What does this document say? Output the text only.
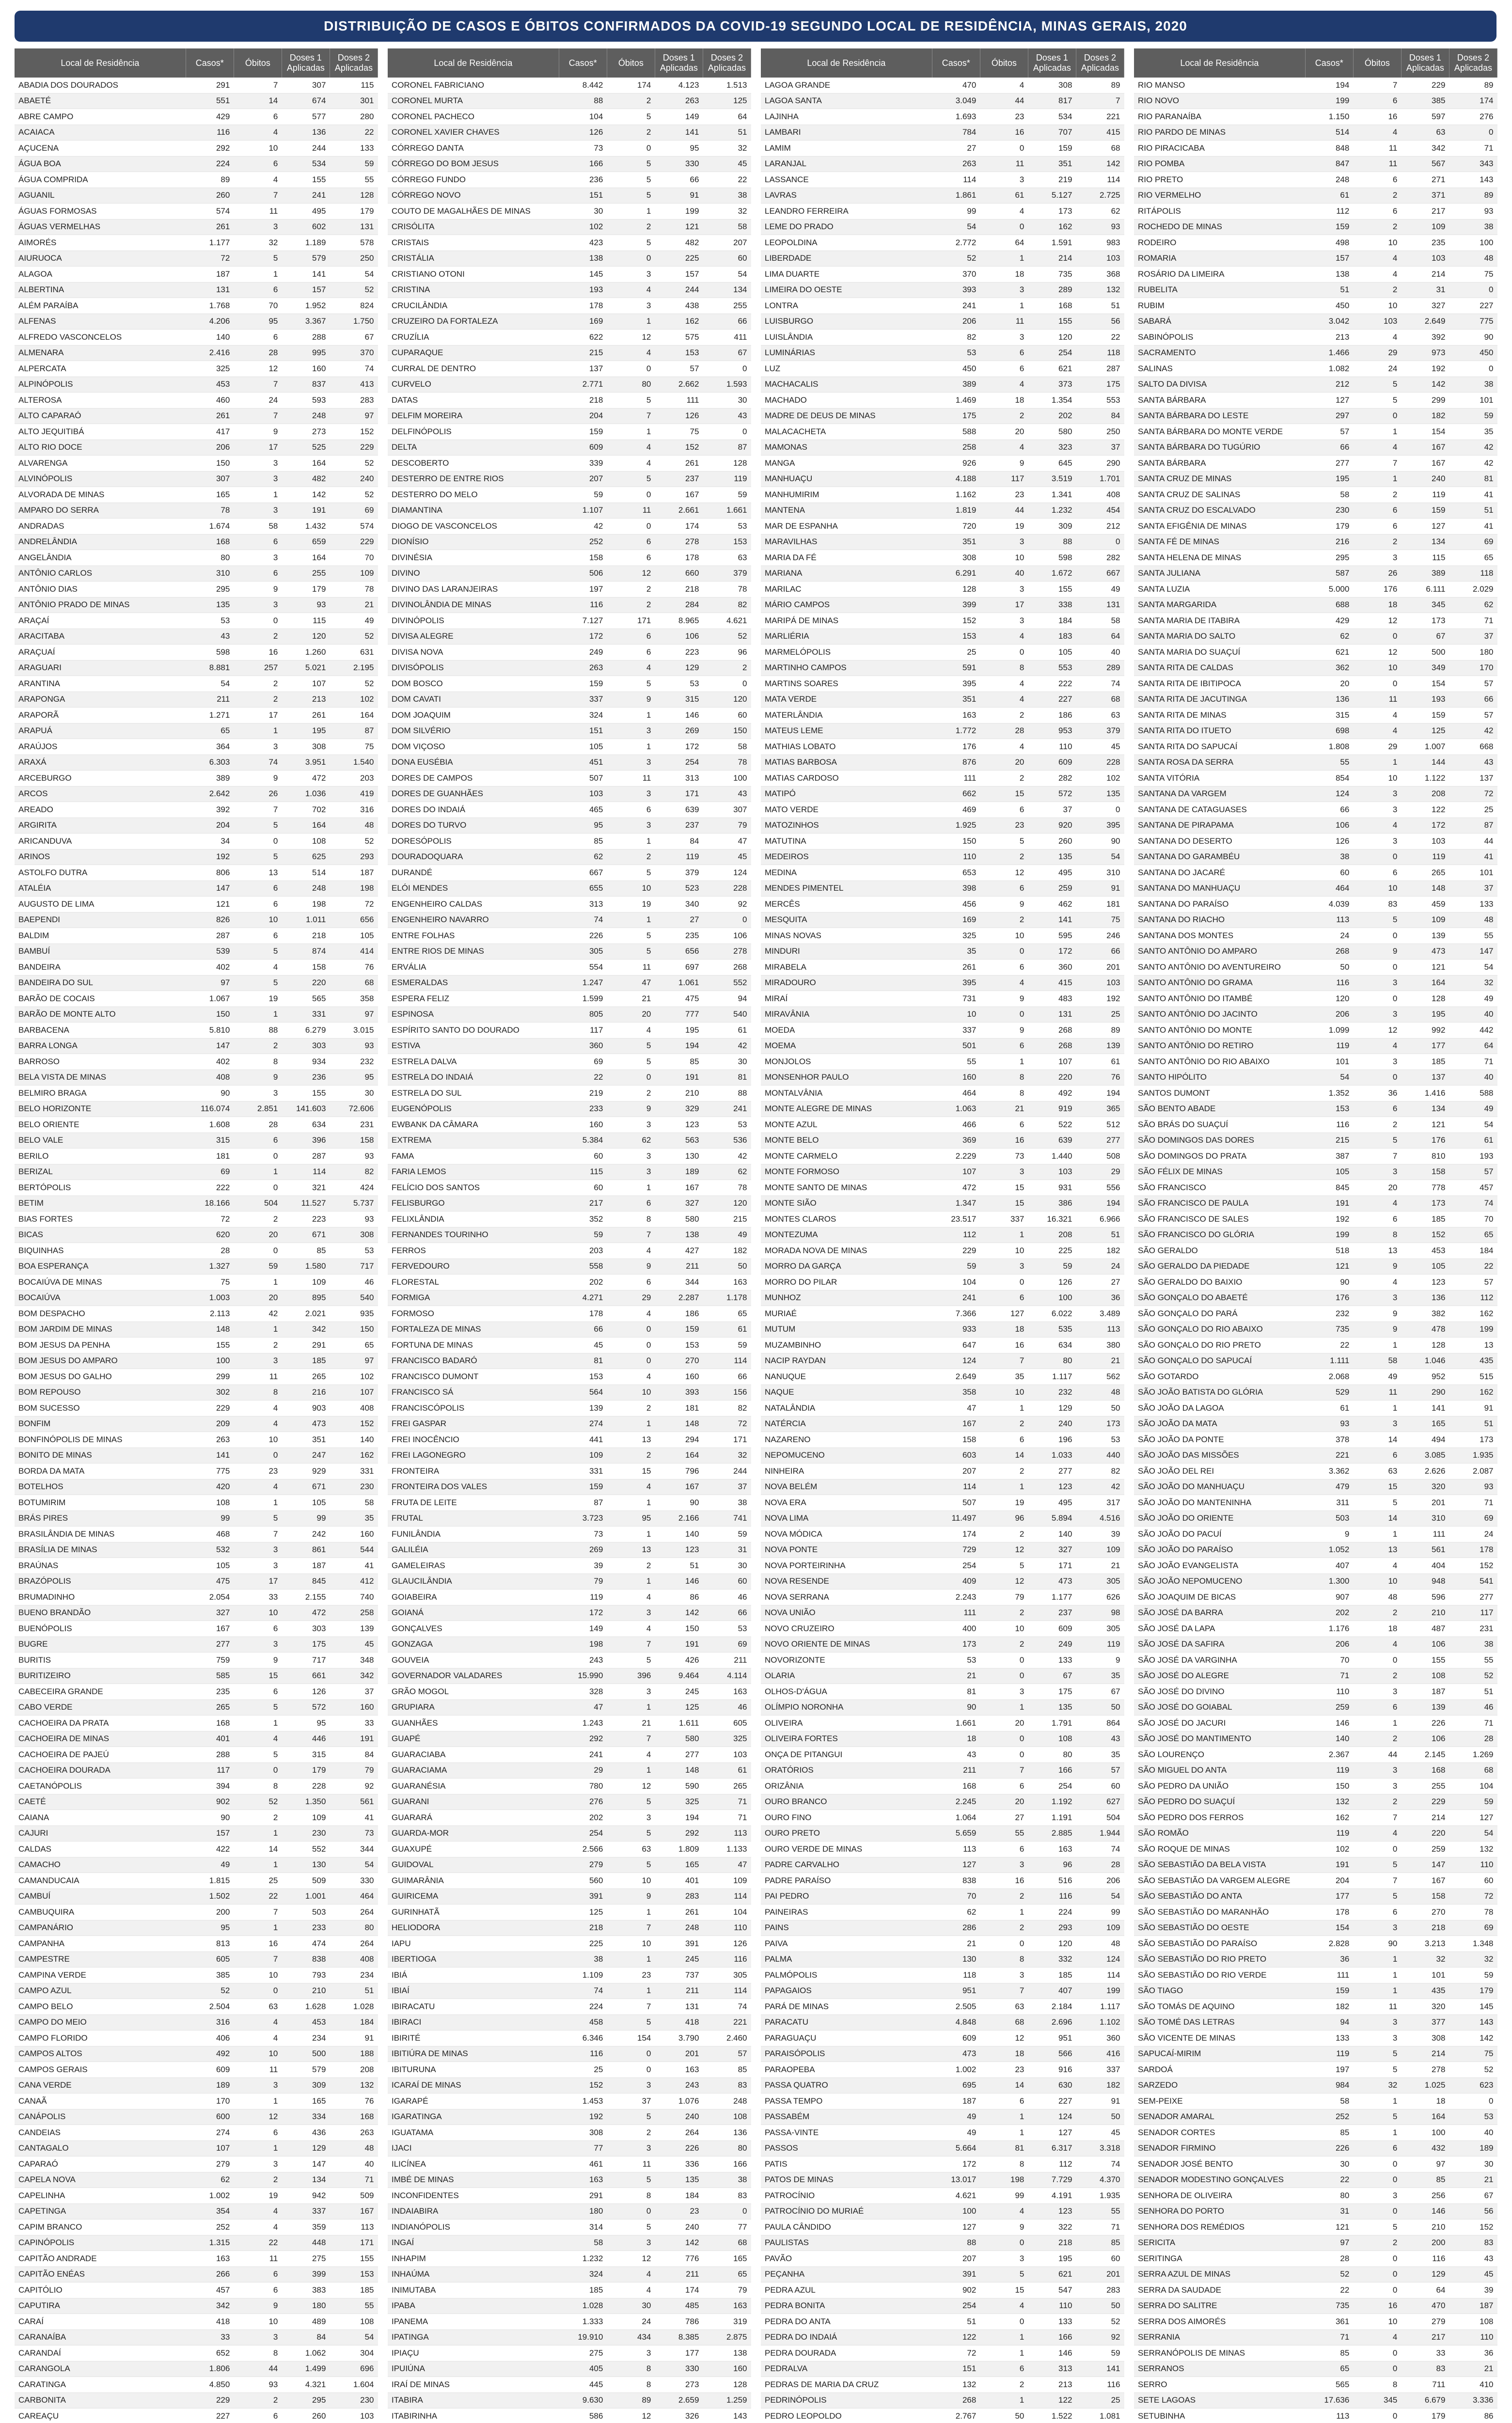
DISTRIBUIÇÃO DE CASOS E ÓBITOS CONFIRMADOS DA COVID-19 SEGUNDO LOCAL DE RESIDÊNCIA, MINAS GERAIS, 2020
Local de Residência	Casos*	Óbitos	Doses 1 Aplicadas	Doses 2 Aplicadas
ABADIA DOS DOURADOS	291	7	307	115
ABAETÉ	551	14	674	301
ABRE CAMPO	429	6	577	280
ACAIACA	116	4	136	22
AÇUCENA	292	10	244	133
ÁGUA BOA	224	6	534	59
ÁGUA COMPRIDA	89	4	155	55
AGUANIL	260	7	241	128
ÁGUAS FORMOSAS	574	11	495	179
ÁGUAS VERMELHAS	261	3	602	131
AIMORÉS	1.177	32	1.189	578
AIURUOCA	72	5	579	250
ALAGOA	187	1	141	54
ALBERTINA	131	6	157	52
ALÉM PARAÍBA	1.768	70	1.952	824
ALFENAS	4.206	95	3.367	1.750
ALFREDO VASCONCELOS	140	6	288	67
ALMENARA	2.416	28	995	370
ALPERCATA	325	12	160	74
ALPINÓPOLIS	453	7	837	413
ALTEROSA	460	24	593	283
ALTO CAPARAÓ	261	7	248	97
ALTO JEQUITIBÁ	417	9	273	152
ALTO RIO DOCE	206	17	525	229
ALVARENGA	150	3	164	52
ALVINÓPOLIS	307	3	482	240
ALVORADA DE MINAS	165	1	142	52
AMPARO DO SERRA	78	3	191	69
ANDRADAS	1.674	58	1.432	574
ANDRELÂNDIA	168	6	659	229
ANGELÂNDIA	80	3	164	70
ANTÔNIO CARLOS	310	6	255	109
ANTÔNIO DIAS	295	9	179	78
ANTÔNIO PRADO DE MINAS	135	3	93	21
ARAÇAÍ	53	0	115	49
ARACITABA	43	2	120	52
ARAÇUAÍ	598	16	1.260	631
ARAGUARI	8.881	257	5.021	2.195
ARANTINA	54	2	107	52
ARAPONGA	211	2	213	102
ARAPORÃ	1.271	17	261	164
ARAPUÁ	65	1	195	87
ARAÚJOS	364	3	308	75
ARAXÁ	6.303	74	3.951	1.540
ARCEBURGO	389	9	472	203
ARCOS	2.642	26	1.036	419
AREADO	392	7	702	316
ARGIRITA	204	5	164	48
ARICANDUVA	34	0	108	52
ARINOS	192	5	625	293
ASTOLFO DUTRA	806	13	514	187
ATALÉIA	147	6	248	198
AUGUSTO DE LIMA	121	6	198	72
BAEPENDI	826	10	1.011	656
BALDIM	287	6	218	105
BAMBUÍ	539	5	874	414
BANDEIRA	402	4	158	76
BANDEIRA DO SUL	97	5	220	68
BARÃO DE COCAIS	1.067	19	565	358
BARÃO DE MONTE ALTO	150	1	331	97
BARBACENA	5.810	88	6.279	3.015
BARRA LONGA	147	2	303	93
BARROSO	402	8	934	232
BELA VISTA DE MINAS	408	9	236	95
BELMIRO BRAGA	90	3	155	30
BELO HORIZONTE	116.074	2.851	141.603	72.606
BELO ORIENTE	1.608	28	634	231
BELO VALE	315	6	396	158
BERILO	181	0	287	93
BERIZAL	69	1	114	82
BERTÓPOLIS	222	0	321	424
BETIM	18.166	504	11.527	5.737
BIAS FORTES	72	2	223	93
BICAS	620	20	671	308
BIQUINHAS	28	0	85	53
BOA ESPERANÇA	1.327	59	1.580	717
BOCAIÚVA DE MINAS	75	1	109	46
BOCAIÚVA	1.003	20	895	540
BOM DESPACHO	2.113	42	2.021	935
BOM JARDIM DE MINAS	148	1	342	150
BOM JESUS DA PENHA	155	2	291	65
BOM JESUS DO AMPARO	100	3	185	97
BOM JESUS DO GALHO	299	11	265	102
BOM REPOUSO	302	8	216	107
BOM SUCESSO	229	4	903	408
BONFIM	209	4	473	152
BONFINÓPOLIS DE MINAS	263	10	351	140
BONITO DE MINAS	141	0	247	162
BORDA DA MATA	775	23	929	331
BOTELHOS	420	4	671	230
BOTUMIRIM	108	1	105	58
BRÁS PIRES	99	5	99	35
BRASILÂNDIA DE MINAS	468	7	242	160
BRASÍLIA DE MINAS	532	3	861	544
BRAÚNAS	105	3	187	41
BRAZÓPOLIS	475	17	845	412
BRUMADINHO	2.054	33	2.155	740
BUENO BRANDÃO	327	10	472	258
BUENÓPOLIS	167	6	303	139
BUGRE	277	3	175	45
BURITIS	759	9	717	348
BURITIZEIRO	585	15	661	342
CABECEIRA GRANDE	235	6	126	37
CABO VERDE	265	5	572	160
CACHOEIRA DA PRATA	168	1	95	33
CACHOEIRA DE MINAS	401	4	446	191
CACHOEIRA DE PAJEÚ	288	5	315	84
CACHOEIRA DOURADA	117	0	179	79
CAETANÓPOLIS	394	8	228	92
CAETÉ	902	52	1.350	561
CAIANA	90	2	109	41
CAJURI	157	1	230	73
CALDAS	422	14	552	344
CAMACHO	49	1	130	54
CAMANDUCAIA	1.815	25	509	330
CAMBUÍ	1.502	22	1.001	464
CAMBUQUIRA	200	7	503	264
CAMPANÁRIO	95	1	233	80
CAMPANHA	813	16	474	264
CAMPESTRE	605	7	838	408
CAMPINA VERDE	385	10	793	234
CAMPO AZUL	52	0	210	51
CAMPO BELO	2.504	63	1.628	1.028
CAMPO DO MEIO	316	4	453	184
CAMPO FLORIDO	406	4	234	91
CAMPOS ALTOS	492	10	500	188
CAMPOS GERAIS	609	11	579	208
CANA VERDE	189	3	309	132
CANAÃ	170	1	165	76
CANÁPOLIS	600	12	334	168
CANDEIAS	274	6	436	263
CANTAGALO	107	1	129	48
CAPARAÓ	279	3	147	40
CAPELA NOVA	62	2	134	71
CAPELINHA	1.002	19	942	509
CAPETINGA	354	4	337	167
CAPIM BRANCO	252	4	359	113
CAPINÓPOLIS	1.315	22	448	171
CAPITÃO ANDRADE	163	11	275	155
CAPITÃO ENÉAS	266	6	399	153
CAPITÓLIO	457	6	383	185
CAPUTIRA	342	9	180	55
CARAÍ	418	10	489	108
CARANAÍBA	33	3	84	54
CARANDAÍ	652	8	1.062	304
CARANGOLA	1.806	44	1.499	696
CARATINGA	4.850	93	4.321	1.604
CARBONITA	229	2	295	230
CAREAÇU	227	6	260	103

Local de Residência	Casos*	Óbitos	Doses 1 Aplicadas	Doses 2 Aplicadas
CORONEL FABRICIANO	8.442	174	4.123	1.513
CORONEL MURTA	88	2	263	125
CORONEL PACHECO	104	5	149	64
CORONEL XAVIER CHAVES	126	2	141	51
CÓRREGO DANTA	73	0	95	32
CÓRREGO DO BOM JESUS	166	5	330	45
CÓRREGO FUNDO	236	5	66	22
CÓRREGO NOVO	151	5	91	38
COUTO DE MAGALHÃES DE MINAS	30	1	199	32
CRISÓLITA	102	2	121	58
CRISTAIS	423	5	482	207
CRISTÁLIA	138	0	225	60
CRISTIANO OTONI	145	3	157	54
CRISTINA	193	4	244	134
CRUCILÂNDIA	178	3	438	255
CRUZEIRO DA FORTALEZA	169	1	162	66
CRUZÍLIA	622	12	575	411
CUPARAQUE	215	4	153	67
CURRAL DE DENTRO	137	0	57	0
CURVELO	2.771	80	2.662	1.593
DATAS	218	5	111	30
DELFIM MOREIRA	204	7	126	43
DELFINÓPOLIS	159	1	75	0
DELTA	609	4	152	87
DESCOBERTO	339	4	261	128
DESTERRO DE ENTRE RIOS	207	5	237	119
DESTERRO DO MELO	59	0	167	59
DIAMANTINA	1.107	11	2.661	1.661
DIOGO DE VASCONCELOS	42	0	174	53
DIONÍSIO	252	6	278	153
DIVINÉSIA	158	6	178	63
DIVINO	506	12	660	379
DIVINO DAS LARANJEIRAS	197	2	218	78
DIVINOLÂNDIA DE MINAS	116	2	284	82
DIVINÓPOLIS	7.127	171	8.965	4.621
DIVISA ALEGRE	172	6	106	52
DIVISA NOVA	249	6	223	96
DIVISÓPOLIS	263	4	129	2
DOM BOSCO	159	5	53	0
DOM CAVATI	337	9	315	120
DOM JOAQUIM	324	1	146	60
DOM SILVÉRIO	151	3	269	150
DOM VIÇOSO	105	1	172	58
DONA EUSÉBIA	451	3	254	78
DORES DE CAMPOS	507	11	313	100
DORES DE GUANHÃES	103	3	171	43
DORES DO INDAIÁ	465	6	639	307
DORES DO TURVO	95	3	237	79
DORESÓPOLIS	85	1	84	47
DOURADOQUARA	62	2	119	45
DURANDÉ	667	5	379	124
ELÓI MENDES	655	10	523	228
ENGENHEIRO CALDAS	313	19	340	92
ENGENHEIRO NAVARRO	74	1	27	0
ENTRE FOLHAS	226	5	235	106
ENTRE RIOS DE MINAS	305	5	656	278
ERVÁLIA	554	11	697	268
ESMERALDAS	1.247	47	1.061	552
ESPERA FELIZ	1.599	21	475	94
ESPINOSA	805	20	777	540
ESPÍRITO SANTO DO DOURADO	117	4	195	61
ESTIVA	360	5	194	42
ESTRELA DALVA	69	5	85	30
ESTRELA DO INDAIÁ	22	0	191	81
ESTRELA DO SUL	219	2	210	88
EUGENÓPOLIS	233	9	329	241
EWBANK DA CÂMARA	160	3	123	53
EXTREMA	5.384	62	563	536
FAMA	60	3	130	42
FARIA LEMOS	115	3	189	62
FELÍCIO DOS SANTOS	60	1	167	78
FELISBURGO	217	6	327	120
FELIXLÂNDIA	352	8	580	215
FERNANDES TOURINHO	59	7	138	49
FERROS	203	4	427	182
FERVEDOURO	558	9	211	50
FLORESTAL	202	6	344	163
FORMIGA	4.271	29	2.287	1.178
FORMOSO	178	4	186	65
FORTALEZA DE MINAS	66	0	159	61
FORTUNA DE MINAS	45	0	153	59
FRANCISCO BADARÓ	81	0	270	114
FRANCISCO DUMONT	153	4	160	66
FRANCISCO SÁ	564	10	393	156
FRANCISCÓPOLIS	139	2	181	82
FREI GASPAR	274	1	148	72
FREI INOCÊNCIO	441	13	294	171
FREI LAGONEGRO	109	2	164	32
FRONTEIRA	331	15	796	244
FRONTEIRA DOS VALES	159	4	167	37
FRUTA DE LEITE	87	1	90	38
FRUTAL	3.723	95	2.166	741
FUNILÂNDIA	73	1	140	59
GALILÉIA	269	13	123	31
GAMELEIRAS	39	2	51	30
GLAUCILÂNDIA	79	1	146	60
GOIABEIRA	119	4	86	46
GOIANÁ	172	3	142	66
GONÇALVES	149	4	150	53
GONZAGA	198	7	191	69
GOUVEIA	243	5	426	211
GOVERNADOR VALADARES	15.990	396	9.464	4.114
GRÃO MOGOL	328	3	245	163
GRUPIARA	47	1	125	46
GUANHÃES	1.243	21	1.611	605
GUAPÉ	292	7	580	325
GUARACIABA	241	4	277	103
GUARACIAMA	29	1	148	61
GUARANÉSIA	780	12	590	265
GUARANI	276	5	325	71
GUARARÁ	202	3	194	71
GUARDA-MOR	254	5	292	113
GUAXUPÉ	2.566	63	1.809	1.133
GUIDOVAL	279	5	165	47
GUIMARÂNIA	560	10	401	109
GUIRICEMA	391	9	283	114
GURINHATÃ	125	1	261	104
HELIODORA	218	7	248	110
IAPU	225	10	391	126
IBERTIOGA	38	1	245	116
IBIÁ	1.109	23	737	305
IBIAÍ	74	1	211	114
IBIRACATU	224	7	131	74
IBIRACI	458	5	418	221
IBIRITÉ	6.346	154	3.790	2.460
IBITIÚRA DE MINAS	116	0	201	57
IBITURUNA	25	0	163	85
ICARAÍ DE MINAS	152	3	243	83
IGARAPÉ	1.453	37	1.076	248
IGARATINGA	192	5	240	108
IGUATAMA	308	2	264	136
IJACI	77	3	226	80
ILICÍNEA	461	11	336	166
IMBÉ DE MINAS	163	5	135	38
INCONFIDENTES	291	8	184	83
INDAIABIRA	180	0	23	0
INDIANÓPOLIS	314	5	240	77
INGAÍ	58	3	142	68
INHAPIM	1.232	12	776	165
INHAÚMA	324	4	211	65
INIMUTABA	185	4	174	79
IPABA	1.028	30	485	163
IPANEMA	1.333	24	786	319
IPATINGA	19.910	434	8.385	2.875
IPIAÇU	275	3	177	138
IPUIÚNA	405	8	330	160
IRAÍ DE MINAS	445	8	273	128
ITABIRA	9.630	89	2.659	1.259
ITABIRINHA	586	12	326	143

Local de Residência	Casos*	Óbitos	Doses 1 Aplicadas	Doses 2 Aplicadas
LAGOA GRANDE	470	4	308	89
LAGOA SANTA	3.049	44	817	7
LAJINHA	1.693	23	534	221
LAMBARI	784	16	707	415
LAMIM	27	0	159	68
LARANJAL	263	11	351	142
LASSANCE	114	3	219	114
LAVRAS	1.861	61	5.127	2.725
LEANDRO FERREIRA	99	4	173	62
LEME DO PRADO	54	0	162	93
LEOPOLDINA	2.772	64	1.591	983
LIBERDADE	52	1	214	103
LIMA DUARTE	370	18	735	368
LIMEIRA DO OESTE	393	3	289	132
LONTRA	241	1	168	51
LUISBURGO	206	11	155	56
LUISLÂNDIA	82	3	120	22
LUMINÁRIAS	53	6	254	118
LUZ	450	6	621	287
MACHACALIS	389	4	373	175
MACHADO	1.469	18	1.354	553
MADRE DE DEUS DE MINAS	175	2	202	84
MALACACHETA	588	20	580	250
MAMONAS	258	4	323	37
MANGA	926	9	645	290
MANHUAÇU	4.188	117	3.519	1.701
MANHUMIRIM	1.162	23	1.341	408
MANTENA	1.819	44	1.232	454
MAR DE ESPANHA	720	19	309	212
MARAVILHAS	351	3	88	0
MARIA DA FÉ	308	10	598	282
MARIANA	6.291	40	1.672	667
MARILAC	128	3	155	49
MÁRIO CAMPOS	399	17	338	131
MARIPÁ DE MINAS	152	3	184	58
MARLIÉRIA	153	4	183	64
MARMELÓPOLIS	25	0	105	40
MARTINHO CAMPOS	591	8	553	289
MARTINS SOARES	395	4	222	74
MATA VERDE	351	4	227	68
MATERLÂNDIA	163	2	186	63
MATEUS LEME	1.772	28	953	379
MATHIAS LOBATO	176	4	110	45
MATIAS BARBOSA	876	20	609	228
MATIAS CARDOSO	111	2	282	102
MATIPÓ	662	15	572	135
MATO VERDE	469	6	37	0
MATOZINHOS	1.925	23	920	395
MATUTINA	150	5	260	90
MEDEIROS	110	2	135	54
MEDINA	653	12	495	310
MENDES PIMENTEL	398	6	259	91
MERCÊS	456	9	462	181
MESQUITA	169	2	141	75
MINAS NOVAS	325	10	595	246
MINDURI	35	0	172	66
MIRABELA	261	6	360	201
MIRADOURO	395	4	415	103
MIRAÍ	731	9	483	192
MIRAVÂNIA	10	0	131	25
MOEDA	337	9	268	89
MOEMA	501	6	268	139
MONJOLOS	55	1	107	61
MONSENHOR PAULO	160	8	220	76
MONTALVÂNIA	464	8	492	194
MONTE ALEGRE DE MINAS	1.063	21	919	365
MONTE AZUL	466	6	522	512
MONTE BELO	369	16	639	277
MONTE CARMELO	2.229	73	1.440	508
MONTE FORMOSO	107	3	103	29
MONTE SANTO DE MINAS	472	15	931	556
MONTE SIÃO	1.347	15	386	194
MONTES CLAROS	23.517	337	16.321	6.966
MONTEZUMA	112	1	208	51
MORADA NOVA DE MINAS	229	10	225	182
MORRO DA GARÇA	59	3	59	24
MORRO DO PILAR	104	0	126	27
MUNHOZ	241	6	100	36
MURIAÉ	7.366	127	6.022	3.489
MUTUM	933	18	535	113
MUZAMBINHO	647	16	634	380
NACIP RAYDAN	124	7	80	21
NANUQUE	2.649	35	1.117	562
NAQUE	358	10	232	48
NATALÂNDIA	47	1	129	50
NATÉRCIA	167	2	240	173
NAZARENO	158	6	196	53
NEPOMUCENO	603	14	1.033	440
NINHEIRA	207	2	277	82
NOVA BELÉM	114	1	123	42
NOVA ERA	507	19	495	317
NOVA LIMA	11.497	96	5.894	4.516
NOVA MÓDICA	174	2	140	39
NOVA PONTE	729	12	327	109
NOVA PORTEIRINHA	254	5	171	21
NOVA RESENDE	409	12	473	305
NOVA SERRANA	2.243	79	1.177	626
NOVA UNIÃO	111	2	237	98
NOVO CRUZEIRO	400	10	609	305
NOVO ORIENTE DE MINAS	173	2	249	119
NOVORIZONTE	53	0	133	9
OLARIA	21	0	67	35
OLHOS-D'ÁGUA	81	3	175	67
OLÍMPIO NORONHA	90	1	135	50
OLIVEIRA	1.661	20	1.791	864
OLIVEIRA FORTES	18	0	108	43
ONÇA DE PITANGUI	43	0	80	35
ORATÓRIOS	211	7	166	57
ORIZÂNIA	168	6	254	60
OURO BRANCO	2.245	20	1.192	627
OURO FINO	1.064	27	1.191	504
OURO PRETO	5.659	55	2.885	1.944
OURO VERDE DE MINAS	113	6	163	74
PADRE CARVALHO	127	3	96	28
PADRE PARAÍSO	838	16	516	206
PAI PEDRO	70	2	116	54
PAINEIRAS	62	1	224	99
PAINS	286	2	293	109
PAIVA	21	0	120	48
PALMA	130	8	332	124
PALMÓPOLIS	118	3	185	114
PAPAGAIOS	951	7	407	199
PARÁ DE MINAS	2.505	63	2.184	1.117
PARACATU	4.848	68	2.696	1.102
PARAGUAÇU	609	12	951	360
PARAISÓPOLIS	473	18	566	416
PARAOPEBA	1.002	23	916	337
PASSA QUATRO	695	14	630	182
PASSA TEMPO	187	6	227	91
PASSABÉM	49	1	124	50
PASSA-VINTE	49	1	127	45
PASSOS	5.664	81	6.317	3.318
PATIS	172	8	112	74
PATOS DE MINAS	13.017	198	7.729	4.370
PATROCÍNIO	4.621	99	4.191	1.935
PATROCÍNIO DO MURIAÉ	100	4	123	55
PAULA CÂNDIDO	127	9	322	71
PAULISTAS	88	0	218	85
PAVÃO	207	3	195	60
PEÇANHA	391	5	621	201
PEDRA AZUL	902	15	547	283
PEDRA BONITA	254	4	110	50
PEDRA DO ANTA	51	0	133	52
PEDRA DO INDAIÁ	122	1	166	92
PEDRA DOURADA	72	1	146	59
PEDRALVA	151	6	313	141
PEDRAS DE MARIA DA CRUZ	132	2	213	116
PEDRINÓPOLIS	268	1	122	25
PEDRO LEOPOLDO	2.767	50	1.522	1.081

Local de Residência	Casos*	Óbitos	Doses 1 Aplicadas	Doses 2 Aplicadas
RIO MANSO	194	7	229	89
RIO NOVO	199	6	385	174
RIO PARANAÍBA	1.150	16	597	276
RIO PARDO DE MINAS	514	4	63	0
RIO PIRACICABA	848	11	342	71
RIO POMBA	847	11	567	343
RIO PRETO	248	6	271	143
RIO VERMELHO	61	2	371	89
RITÁPOLIS	112	6	217	93
ROCHEDO DE MINAS	159	2	109	38
RODEIRO	498	10	235	100
ROMARIA	157	4	103	48
ROSÁRIO DA LIMEIRA	138	4	214	75
RUBELITA	51	2	31	0
RUBIM	450	10	327	227
SABARÁ	3.042	103	2.649	775
SABINÓPOLIS	213	4	392	90
SACRAMENTO	1.466	29	973	450
SALINAS	1.082	24	192	0
SALTO DA DIVISA	212	5	142	38
SANTA BÁRBARA	127	5	299	101
SANTA BÁRBARA DO LESTE	297	0	182	59
SANTA BÁRBARA DO MONTE VERDE	57	1	154	35
SANTA BÁRBARA DO TUGÚRIO	66	4	167	42
SANTA BÁRBARA	277	7	167	42
SANTA CRUZ DE MINAS	195	1	240	81
SANTA CRUZ DE SALINAS	58	2	119	41
SANTA CRUZ DO ESCALVADO	230	6	159	51
SANTA EFIGÊNIA DE MINAS	179	6	127	41
SANTA FÉ DE MINAS	216	2	134	69
SANTA HELENA DE MINAS	295	3	115	65
SANTA JULIANA	587	26	389	118
SANTA LUZIA	5.000	176	6.111	2.029
SANTA MARGARIDA	688	18	345	62
SANTA MARIA DE ITABIRA	429	12	173	71
SANTA MARIA DO SALTO	62	0	67	37
SANTA MARIA DO SUAÇUÍ	621	12	500	180
SANTA RITA DE CALDAS	362	10	349	170
SANTA RITA DE IBITIPOCA	20	0	154	57
SANTA RITA DE JACUTINGA	136	11	193	66
SANTA RITA DE MINAS	315	4	159	57
SANTA RITA DO ITUETO	698	4	125	42
SANTA RITA DO SAPUCAÍ	1.808	29	1.007	668
SANTA ROSA DA SERRA	55	1	144	43
SANTA VITÓRIA	854	10	1.122	137
SANTANA DA VARGEM	124	3	208	72
SANTANA DE CATAGUASES	66	3	122	25
SANTANA DE PIRAPAMA	106	4	172	87
SANTANA DO DESERTO	126	3	103	44
SANTANA DO GARAMBÉU	38	0	119	41
SANTANA DO JACARÉ	60	6	265	101
SANTANA DO MANHUAÇU	464	10	148	37
SANTANA DO PARAÍSO	4.039	83	459	133
SANTANA DO RIACHO	113	5	109	48
SANTANA DOS MONTES	24	0	139	55
SANTO ANTÔNIO DO AMPARO	268	9	473	147
SANTO ANTÔNIO DO AVENTUREIRO	50	0	121	54
SANTO ANTÔNIO DO GRAMA	116	3	164	32
SANTO ANTÔNIO DO ITAMBÉ	120	0	128	49
SANTO ANTÔNIO DO JACINTO	206	3	195	40
SANTO ANTÔNIO DO MONTE	1.099	12	992	442
SANTO ANTÔNIO DO RETIRO	119	4	177	64
SANTO ANTÔNIO DO RIO ABAIXO	101	3	185	71
SANTO HIPÓLITO	54	0	137	40
SANTOS DUMONT	1.352	36	1.416	588
SÃO BENTO ABADE	153	6	134	49
SÃO BRÁS DO SUAÇUÍ	116	2	121	54
SÃO DOMINGOS DAS DORES	215	5	176	61
SÃO DOMINGOS DO PRATA	387	7	810	193
SÃO FÉLIX DE MINAS	105	3	158	57
SÃO FRANCISCO	845	20	778	457
SÃO FRANCISCO DE PAULA	191	4	173	74
SÃO FRANCISCO DE SALES	192	6	185	70
SÃO FRANCISCO DO GLÓRIA	199	8	152	65
SÃO GERALDO	518	13	453	184
SÃO GERALDO DA PIEDADE	121	9	105	22
SÃO GERALDO DO BAIXIO	90	4	123	57
SÃO GONÇALO DO ABAETÉ	176	3	136	112
SÃO GONÇALO DO PARÁ	232	9	382	162
SÃO GONÇALO DO RIO ABAIXO	735	9	478	199
SÃO GONÇALO DO RIO PRETO	22	1	128	13
SÃO GONÇALO DO SAPUCAÍ	1.111	58	1.046	435
SÃO GOTARDO	2.068	49	952	515
SÃO JOÃO BATISTA DO GLÓRIA	529	11	290	162
SÃO JOÃO DA LAGOA	61	1	141	91
SÃO JOÃO DA MATA	93	3	165	51
SÃO JOÃO DA PONTE	378	14	494	173
SÃO JOÃO DAS MISSÕES	221	6	3.085	1.935
SÃO JOÃO DEL REI	3.362	63	2.626	2.087
SÃO JOÃO DO MANHUAÇU	479	15	320	93
SÃO JOÃO DO MANTENINHA	311	5	201	71
SÃO JOÃO DO ORIENTE	503	14	310	69
SÃO JOÃO DO PACUÍ	9	1	111	24
SÃO JOÃO DO PARAÍSO	1.052	13	561	178
SÃO JOÃO EVANGELISTA	407	4	404	152
SÃO JOÃO NEPOMUCENO	1.300	10	948	541
SÃO JOAQUIM DE BICAS	907	48	596	277
SÃO JOSÉ DA BARRA	202	2	210	117
SÃO JOSÉ DA LAPA	1.176	18	487	231
SÃO JOSÉ DA SAFIRA	206	4	106	38
SÃO JOSÉ DA VARGINHA	70	0	155	55
SÃO JOSÉ DO ALEGRE	71	2	108	52
SÃO JOSÉ DO DIVINO	110	3	187	51
SÃO JOSÉ DO GOIABAL	259	6	139	46
SÃO JOSÉ DO JACURI	146	1	226	71
SÃO JOSÉ DO MANTIMENTO	140	2	106	28
SÃO LOURENÇO	2.367	44	2.145	1.269
SÃO MIGUEL DO ANTA	119	3	168	68
SÃO PEDRO DA UNIÃO	150	3	255	104
SÃO PEDRO DO SUAÇUÍ	132	2	229	59
SÃO PEDRO DOS FERROS	162	7	214	127
SÃO ROMÃO	119	4	220	54
SÃO ROQUE DE MINAS	102	0	259	132
SÃO SEBASTIÃO DA BELA VISTA	191	5	147	110
SÃO SEBASTIÃO DA VARGEM ALEGRE	204	7	167	60
SÃO SEBASTIÃO DO ANTA	177	5	158	72
SÃO SEBASTIÃO DO MARANHÃO	178	6	270	78
SÃO SEBASTIÃO DO OESTE	154	3	218	69
SÃO SEBASTIÃO DO PARAÍSO	2.828	90	3.213	1.348
SÃO SEBASTIÃO DO RIO PRETO	36	1	32	32
SÃO SEBASTIÃO DO RIO VERDE	111	1	101	59
SÃO TIAGO	159	1	435	179
SÃO TOMÁS DE AQUINO	182	11	320	145
SÃO TOMÉ DAS LETRAS	94	3	377	143
SÃO VICENTE DE MINAS	133	3	308	142
SAPUCAÍ-MIRIM	119	5	214	75
SARDOÁ	197	5	278	52
SARZEDO	984	32	1.025	623
SEM-PEIXE	58	1	18	0
SENADOR AMARAL	252	5	164	53
SENADOR CORTES	85	1	100	40
SENADOR FIRMINO	226	6	432	189
SENADOR JOSÉ BENTO	30	0	97	30
SENADOR MODESTINO GONÇALVES	22	0	85	21
SENHORA DE OLIVEIRA	80	3	256	67
SENHORA DO PORTO	31	0	146	56
SENHORA DOS REMÉDIOS	121	5	210	152
SERICITA	97	2	200	83
SERITINGA	28	0	116	43
SERRA AZUL DE MINAS	52	0	129	45
SERRA DA SAUDADE	22	0	64	39
SERRA DO SALITRE	735	16	470	187
SERRA DOS AIMORÉS	361	10	279	108
SERRANIA	71	4	217	110
SERRANÓPOLIS DE MINAS	85	0	33	36
SERRANOS	65	0	83	21
SERRO	565	8	711	410
SETE LAGOAS	17.636	345	6.679	3.336
SETUBINHA	113	0	179	86
